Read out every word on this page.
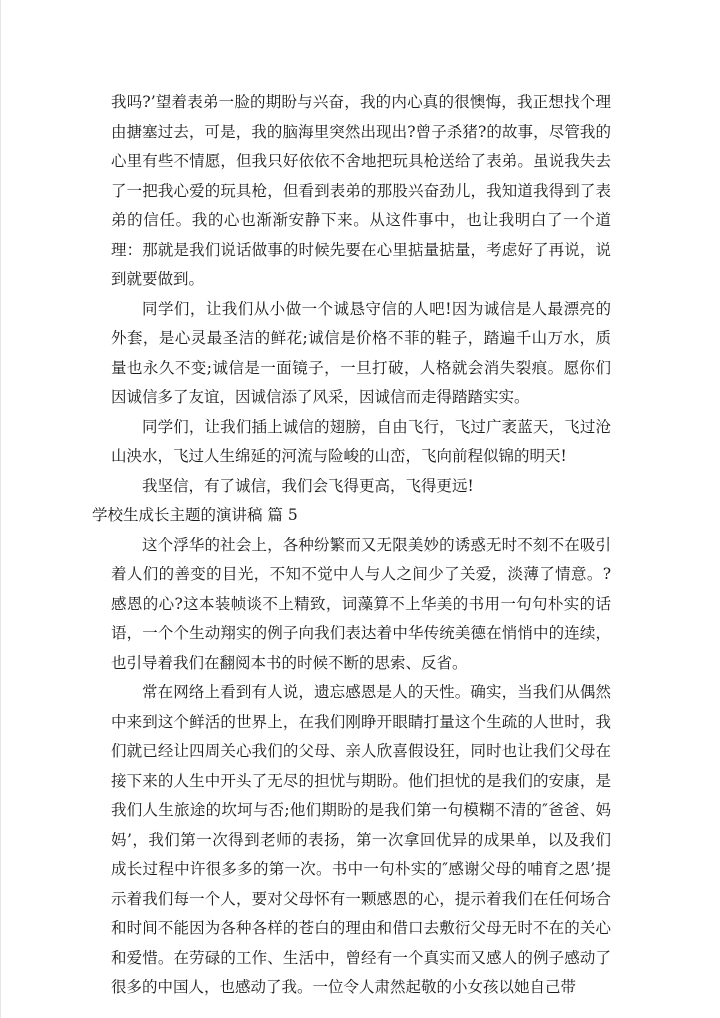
我吗?’望着表弟一脸的期盼与兴奋，我的内心真的很懊悔，我正想找个理由搪塞过去，可是，我的脑海里突然出现出?曾子杀猪?的故事，尽管我的心里有些不情愿，但我只好依依不舍地把玩具枪送给了表弟。虽说我失去了一把我心爱的玩具枪，但看到表弟的那股兴奋劲儿，我知道我得到了表弟的信任。我的心也渐渐安静下来。从这件事中，也让我明白了一个道理：那就是我们说话做事的时候先要在心里掂量掂量，考虑好了再说，说到就要做到。

同学们，让我们从小做一个诚恳守信的人吧!因为诚信是人最漂亮的外套，是心灵最圣洁的鲜花;诚信是价格不菲的鞋子，踏遍千山万水，质量也永久不变;诚信是一面镜子，一旦打破，人格就会消失裂痕。愿你们因诚信多了友谊，因诚信添了风采，因诚信而走得踏踏实实。

同学们，让我们插上诚信的翅膀，自由飞行，飞过广袤蓝天，飞过沧山泱水，飞过人生绵延的河流与险峻的山峦，飞向前程似锦的明天!

我坚信，有了诚信，我们会飞得更高，飞得更远!

学校生成长主题的演讲稿 篇 5

这个浮华的社会上，各种纷繁而又无限美妙的诱惑无时不刻不在吸引着人们的善变的目光，不知不觉中人与人之间少了关爱，淡薄了情意。?感恩的心?这本装帧谈不上精致，词藻算不上华美的书用一句句朴实的话语，一个个生动翔实的例子向我们表达着中华传统美德在悄悄中的连续，也引导着我们在翻阅本书的时候不断的思索、反省。

常在网络上看到有人说，遗忘感恩是人的天性。确实，当我们从偶然中来到这个鲜活的世界上，在我们刚睁开眼睛打量这个生疏的人世时，我们就已经让四周关心我们的父母、亲人欣喜假设狂，同时也让我们父母在接下来的人生中开头了无尽的担忧与期盼。他们担忧的是我们的安康，是我们人生旅途的坎坷与否;他们期盼的是我们第一句模糊不清的″爸爸、妈妈’，我们第一次得到老师的表扬，第一次拿回优异的成果单，以及我们成长过程中许很多多的第一次。书中一句朴实的″感谢父母的哺育之恩’提示着我们每一个人，要对父母怀有一颗感恩的心，提示着我们在任何场合和时间不能因为各种各样的苍白的理由和借口去敷衍父母无时不在的关心和爱惜。在劳碌的工作、生活中，曾经有一个真实而又感人的例子感动了很多的中国人，也感动了我。一位令人肃然起敬的小女孩以她自己带
